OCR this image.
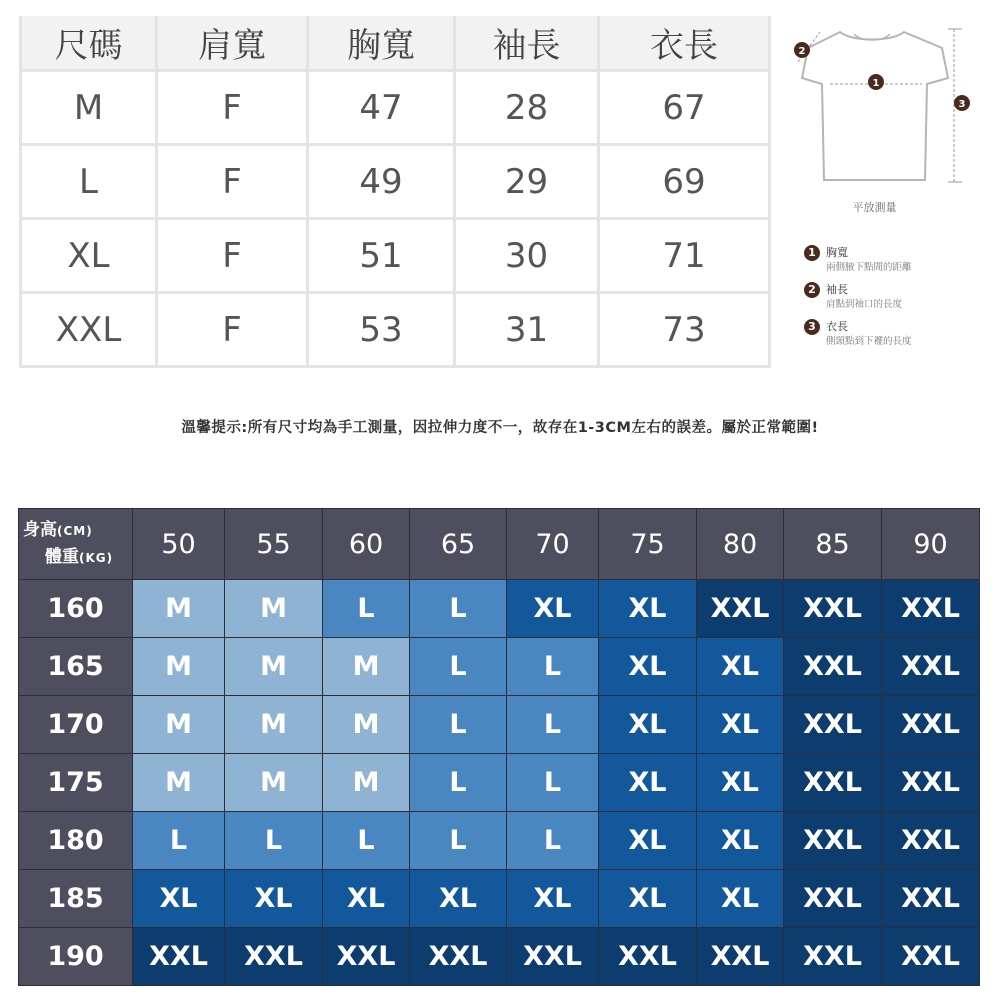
尺碼	肩寬	胸寬	袖長	衣長
M	F	47	28	67
L	F	49	29	69
XL	F	51	30	71
XXL	F	53	31	73
1
2
3
平放測量
1 胸寬
兩側腋下點間的距離
2 袖長
肩點到袖口的長度
3 衣長
側頸點到下襬的長度
溫馨提示:所有尺寸均為手工測量，因拉伸力度不一，故存在1-3CM左右的誤差。屬於正常範圍!
身高(CM)
體重(KG)	50	55	60	65	70	75	80	85	90
160	M	M	L	L	XL	XL	XXL	XXL	XXL
165	M	M	M	L	L	XL	XL	XXL	XXL
170	M	M	M	L	L	XL	XL	XXL	XXL
175	M	M	M	L	L	XL	XL	XXL	XXL
180	L	L	L	L	L	XL	XL	XXL	XXL
185	XL	XL	XL	XL	XL	XL	XL	XXL	XXL
190	XXL	XXL	XXL	XXL	XXL	XXL	XXL	XXL	XXL
